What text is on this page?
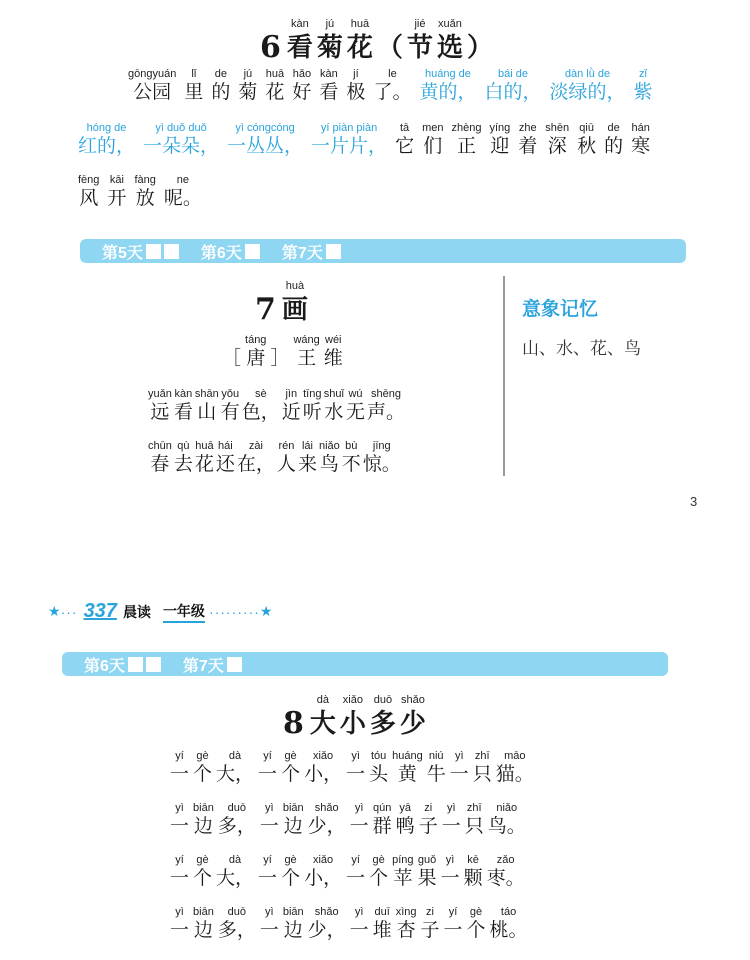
6
kàn
看
jú
菊
huā
花
（
jié
节
xuǎn
选
）
gōngyuán
公园
lǐ
里
de
的
jú
菊
huā
花
hǎo
好
kàn
看
jí
极
le
了。
huáng de
黄的，
bái de
白的，
dàn lǜ de
淡绿的，
zǐ
紫
hóng de
红的，
yì duǒ duǒ
一朵朵，
yì cóngcóng
一丛丛，
yí piàn piàn
一片片，
tā
它
men
们
zhèng
正
yíng
迎
zhe
着
shēn
深
qiū
秋
de
的
hán
寒
fēng
风
kāi
开
fàng
放
ne
呢。
第5天	第6天	第7天
7
huà
画

［
táng
唐
］
wáng
王
wéi
维
yuǎn
远
kàn
看
shān
山
yǒu
有
sè
色，
jìn
近
tīng
听
shuǐ
水
wú
无
shēng
声。
chūn
春
qù
去
huā
花
hái
还
zài
在，
rén
人
lái
来
niǎo
鸟
bù
不
jīng
惊。
意象记忆
山、水、花、鸟
3
★ ··· 337 晨读 一年级 ········· ★
第6天	第7天
8
dà
大
xiǎo
小
duō
多
shǎo
少
yí
一
gè
个
dà
大，
yí
一
gè
个
xiǎo
小，
yì
一
tóu
头
huáng
黄
niú
牛
yì
一
zhī
只
māo
猫。
yì
一
biān
边
duō
多，
yì
一
biān
边
shǎo
少，
yì
一
qún
群
yā
鸭
zi
子
yì
一
zhī
只
niǎo
鸟。
yí
一
gè
个
dà
大，
yí
一
gè
个
xiǎo
小，
yí
一
gè
个
píng
苹
guǒ
果
yì
一
kē
颗
zǎo
枣。
yì
一
biān
边
duō
多，
yì
一
biān
边
shǎo
少，
yì
一
duī
堆
xìng
杏
zi
子
yí
一
gè
个
táo
桃。
